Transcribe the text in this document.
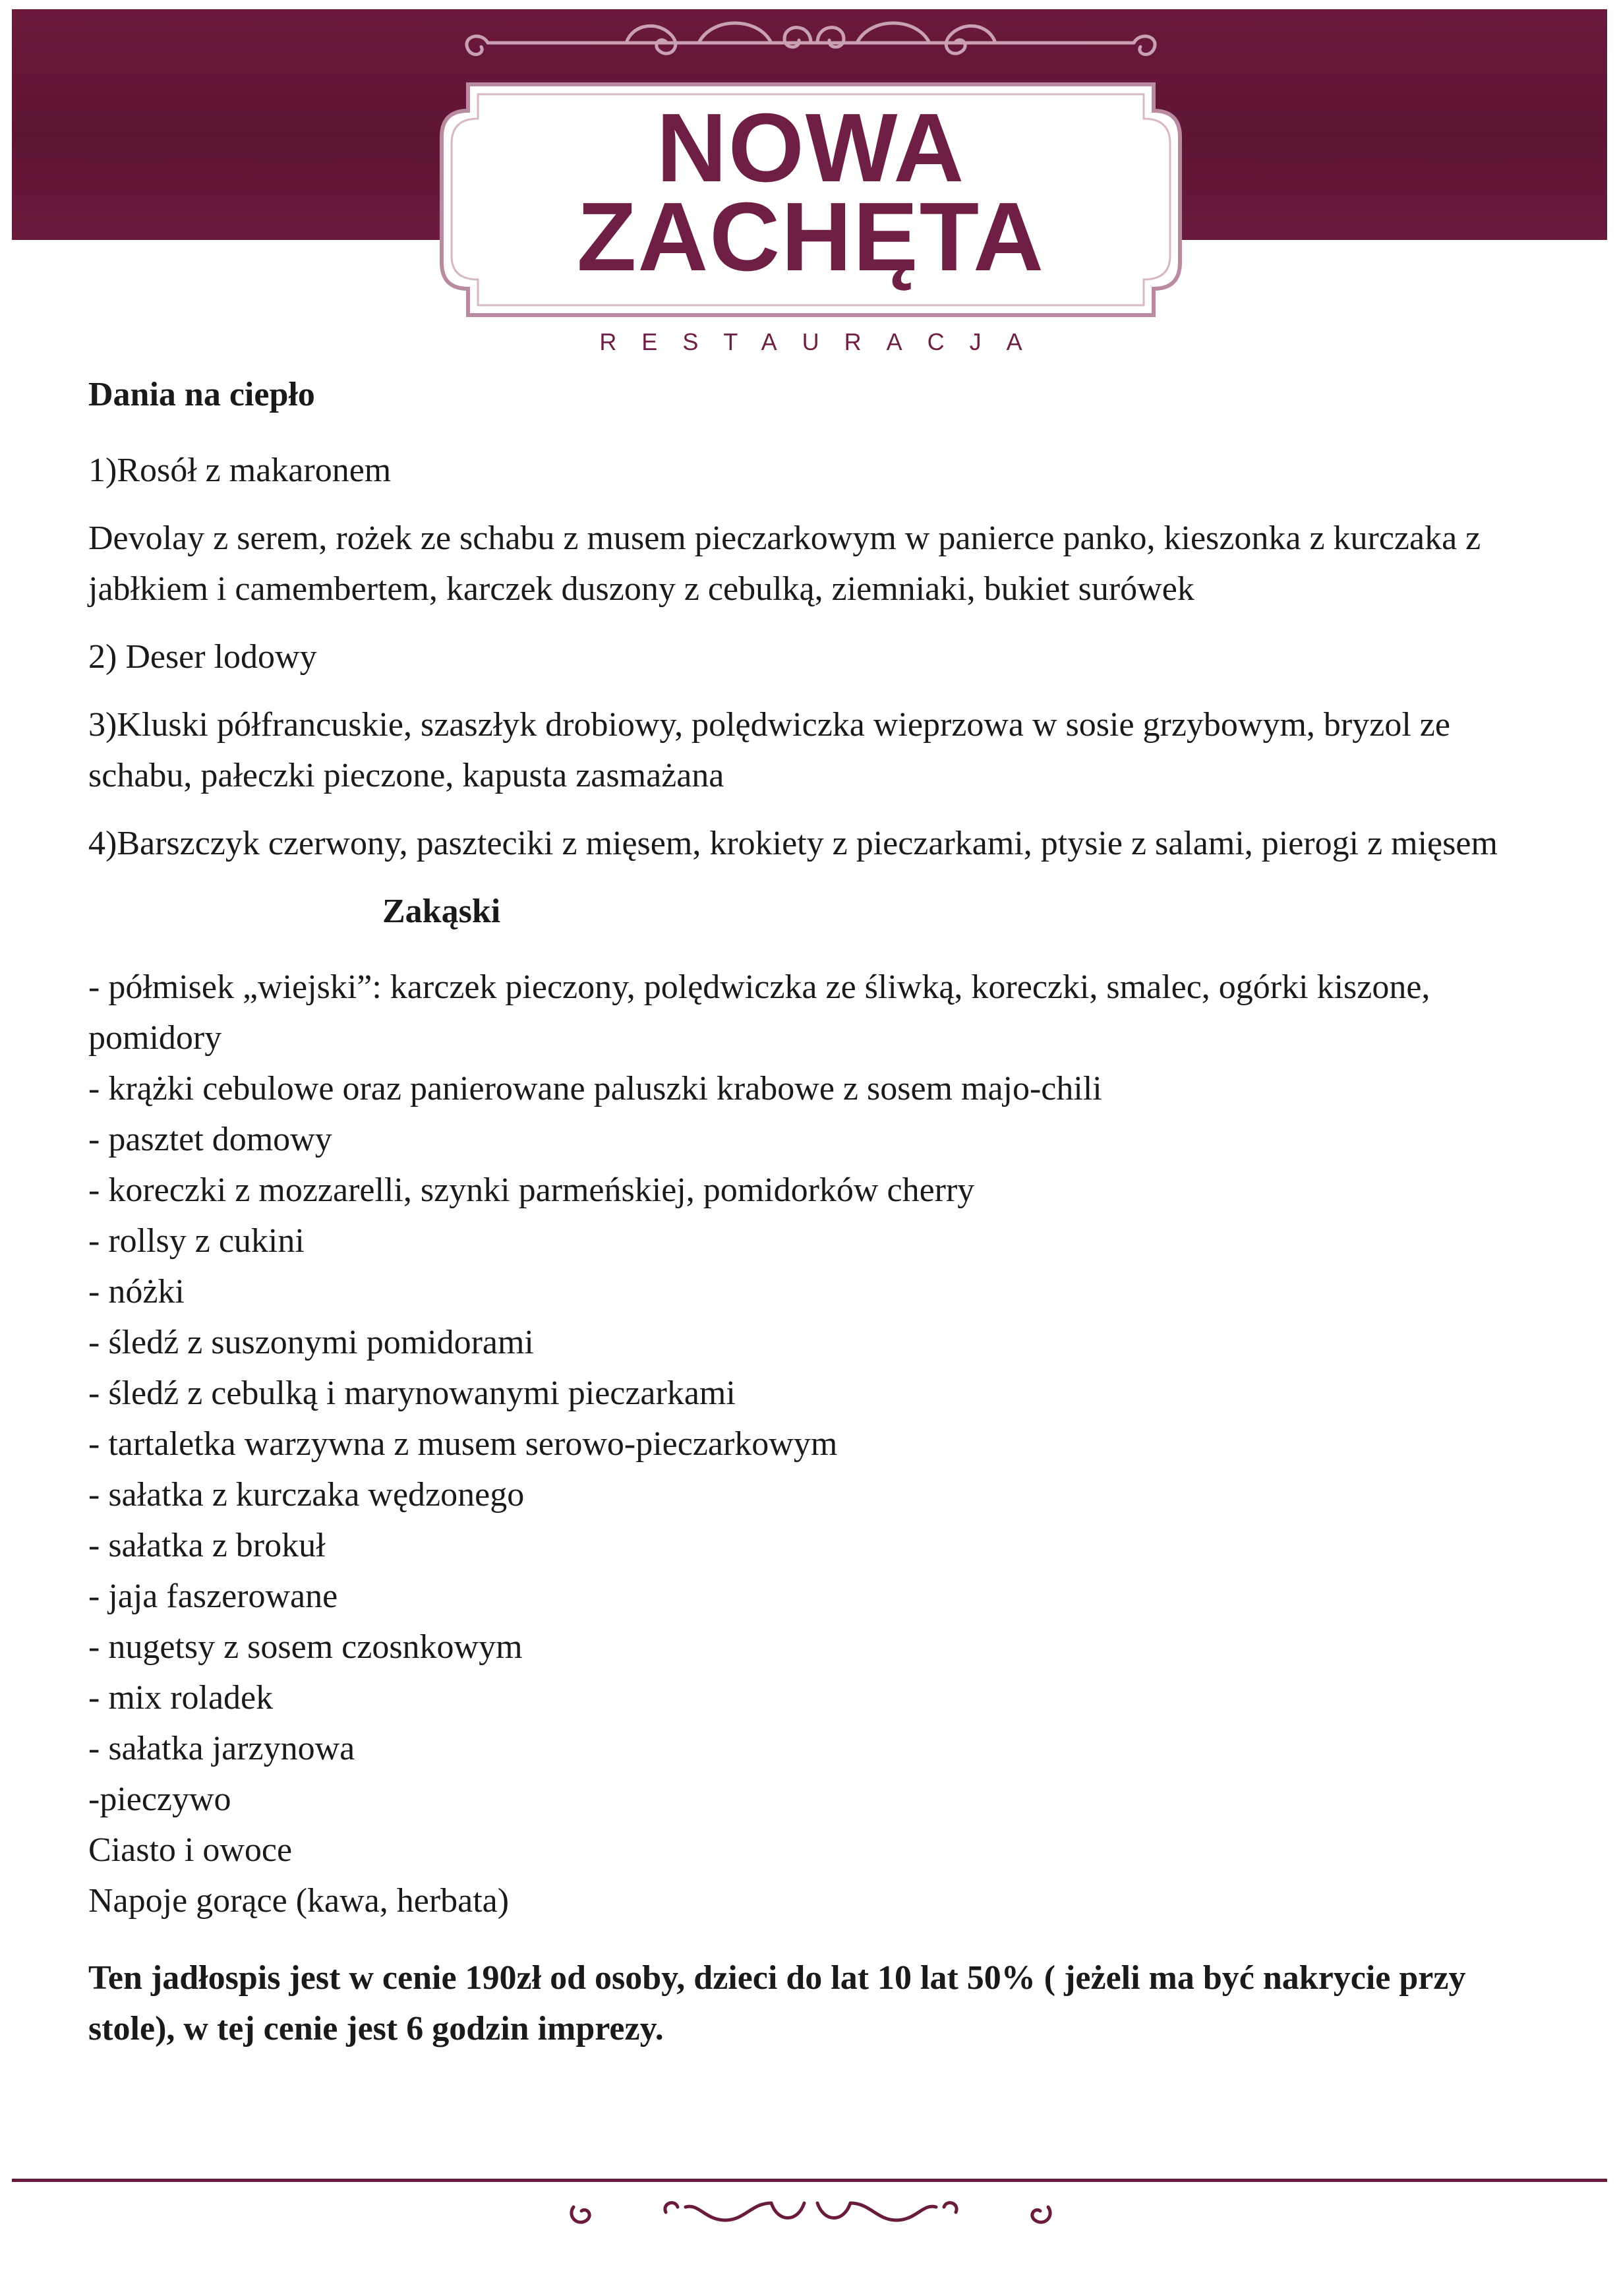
NOWA
ZACHĘTA
RESTAURACJA
Dania na ciepło
1)Rosół z makaronem
Devolay z serem, rożek ze schabu z musem pieczarkowym w panierce panko, kieszonka z kurczaka z jabłkiem i camembertem, karczek duszony z cebulką, ziemniaki, bukiet surówek
2) Deser lodowy
3)Kluski półfrancuskie, szaszłyk drobiowy, polędwiczka wieprzowa w sosie grzybowym, bryzol ze schabu, pałeczki pieczone, kapusta zasmażana
4)Barszczyk czerwony, paszteciki z mięsem, krokiety z pieczarkami, ptysie z salami, pierogi z mięsem
Zakąski
- półmisek „wiejski”: karczek pieczony, polędwiczka ze śliwką, koreczki, smalec, ogórki kiszone, pomidory
- krążki cebulowe oraz panierowane paluszki krabowe z sosem majo-chili
- pasztet domowy
- koreczki z mozzarelli, szynki parmeńskiej, pomidorków cherry
- rollsy z cukini
- nóżki
- śledź z suszonymi pomidorami
- śledź z cebulką i marynowanymi pieczarkami
- tartaletka warzywna z musem serowo-pieczarkowym
- sałatka z kurczaka wędzonego
- sałatka z brokuł
- jaja faszerowane
- nugetsy z sosem czosnkowym
- mix roladek
- sałatka jarzynowa
-pieczywo
Ciasto i owoce
Napoje gorące (kawa, herbata)
Ten jadłospis jest w cenie 190zł od osoby, dzieci do lat 10 lat 50% ( jeżeli ma być nakrycie przy stole), w tej cenie jest 6 godzin imprezy.
